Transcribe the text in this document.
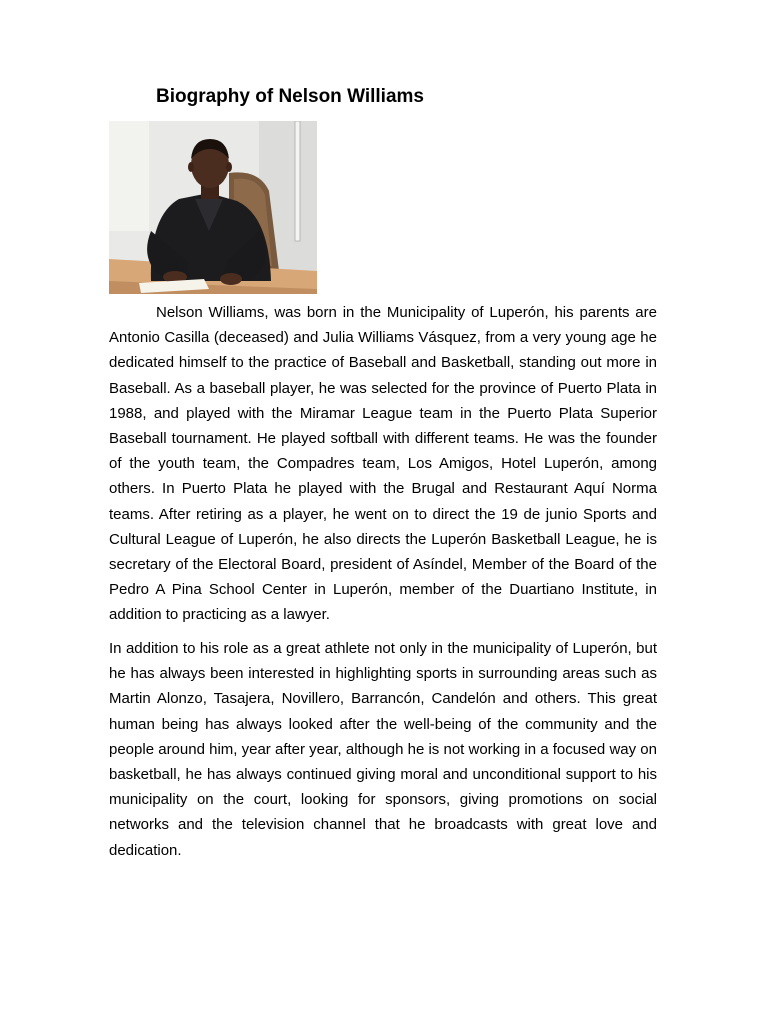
Biography of Nelson Williams

Nelson Williams, was born in the Municipality of Luperón, his parents are Antonio Casilla (deceased) and Julia Williams Vásquez, from a very young age he dedicated himself to the practice of Baseball and Basketball, standing out more in Baseball. As a baseball player, he was selected for the province of Puerto Plata in 1988, and played with the Miramar League team in the Puerto Plata Superior Baseball tournament. He played softball with different teams. He was the founder of the youth team, the Compadres team, Los Amigos, Hotel Luperón, among others. In Puerto Plata he played with the Brugal and Restaurant Aquí Norma teams. After retiring as a player, he went on to direct the 19 de junio Sports and Cultural League of Luperón, he also directs the Luperón Basketball League, he is secretary of the Electoral Board, president of Asíndel, Member of the Board of the Pedro A Pina School Center in Luperón, member of the Duartiano Institute, in addition to practicing as a lawyer.

In addition to his role as a great athlete not only in the municipality of Luperón, but he has always been interested in highlighting sports in surrounding areas such as Martin Alonzo, Tasajera, Novillero, Barrancón, Candelón and others. This great human being has always looked after the well-being of the community and the people around him, year after year, although he is not working in a focused way on basketball, he has always continued giving moral and unconditional support to his municipality on the court, looking for sponsors, giving promotions on social networks and the television channel that he broadcasts with great love and dedication.
